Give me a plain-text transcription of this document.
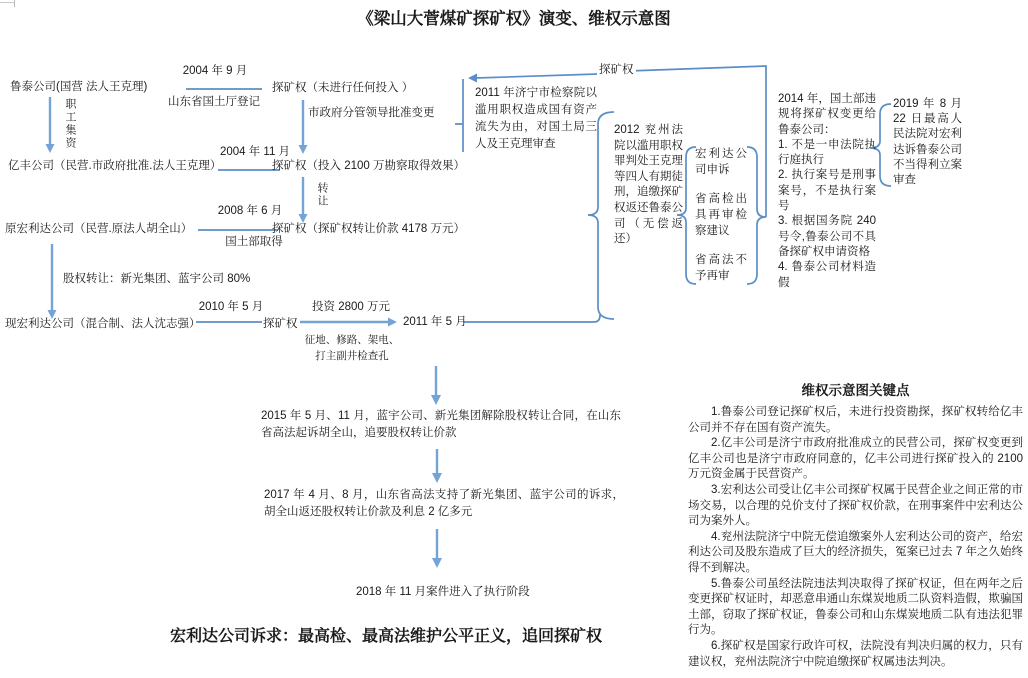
《梁山大菅煤矿探矿权》演变、维权示意图
鲁泰公司(国营 法人王克理)
职工集资
2004 年 9 月
山东省国土厅登记
探矿权（未进行任何投入 ）
市政府分管领导批准变更
2004 年 11 月
亿丰公司（民营.市政府批准.法人王克理）	探矿权（投入 2100 万勘察取得效果）
转让
2008 年 6 月
国土部取得
原宏利达公司（民营.原法人胡全山）	探矿权（探矿权转让价款 4178 万元）
股权转让：新光集团、蓝宇公司 80%
2010 年 5 月
现宏利达公司（混合制、法人沈志强）	探矿权
投资 2800 万元
征地、修路、架电、打主副井检查孔
2011 年 5 月
探矿权
2011 年济宁市检察院以滥用职权造成国有资产流失为由，对国土局三人及王克理审查
2012 兖州法院以滥用职权罪判处王克理等四人有期徒刑，追缴探矿权返还鲁泰公司（无偿返还）

宏利达公司申诉

省高检出具再审检察建议

省高法不予再审

2014 年，国土部违规将探矿权变更给鲁泰公司：

1. 不是一申法院执行庭执行

2. 执行案号是刑事案号，不是执行案号

3. 根据国务院 240 号令,鲁泰公司不具备探矿权申请资格

4. 鲁泰公司材料造假

2019 年 8 月 22 日最高人民法院对宏利达诉鲁泰公司不当得利立案审查
2015 年 5 月、11 月，蓝宇公司、新光集团解除股权转让合同，在山东省高法起诉胡全山，追要股权转让价款
2017 年 4 月、8 月，山东省高法支持了新光集团、蓝宇公司的诉求，胡全山返还股权转让价款及利息 2 亿多元
2018 年 11 月案件进入了执行阶段
宏利达公司诉求：最高检、最高法维护公平正义，追回探矿权
维权示意图关键点

1.鲁泰公司登记探矿权后，未进行投资勘探，探矿权转给亿丰公司并不存在国有资产流失。

2.亿丰公司是济宁市政府批准成立的民营公司，探矿权变更到亿丰公司也是济宁市政府同意的，亿丰公司进行探矿投入的 2100 万元资金属于民营资产。

3.宏利达公司受让亿丰公司探矿权属于民营企业之间正常的市场交易，以合理的兑价支付了探矿权价款，在刑事案件中宏利达公司为案外人。

4.兖州法院济宁中院无偿追缴案外人宏利达公司的资产，给宏利达公司及股东造成了巨大的经济损失，冤案已过去 7 年之久始终得不到解决。

5.鲁泰公司虽经法院违法判决取得了探矿权证，但在两年之后变更探矿权证时，却恶意串通山东煤炭地质二队资料造假，欺骗国土部，窃取了探矿权证，鲁泰公司和山东煤炭地质二队有违法犯罪行为。

6.探矿权是国家行政许可权，法院没有判决归属的权力，只有建议权，兖州法院济宁中院追缴探矿权属违法判决。
